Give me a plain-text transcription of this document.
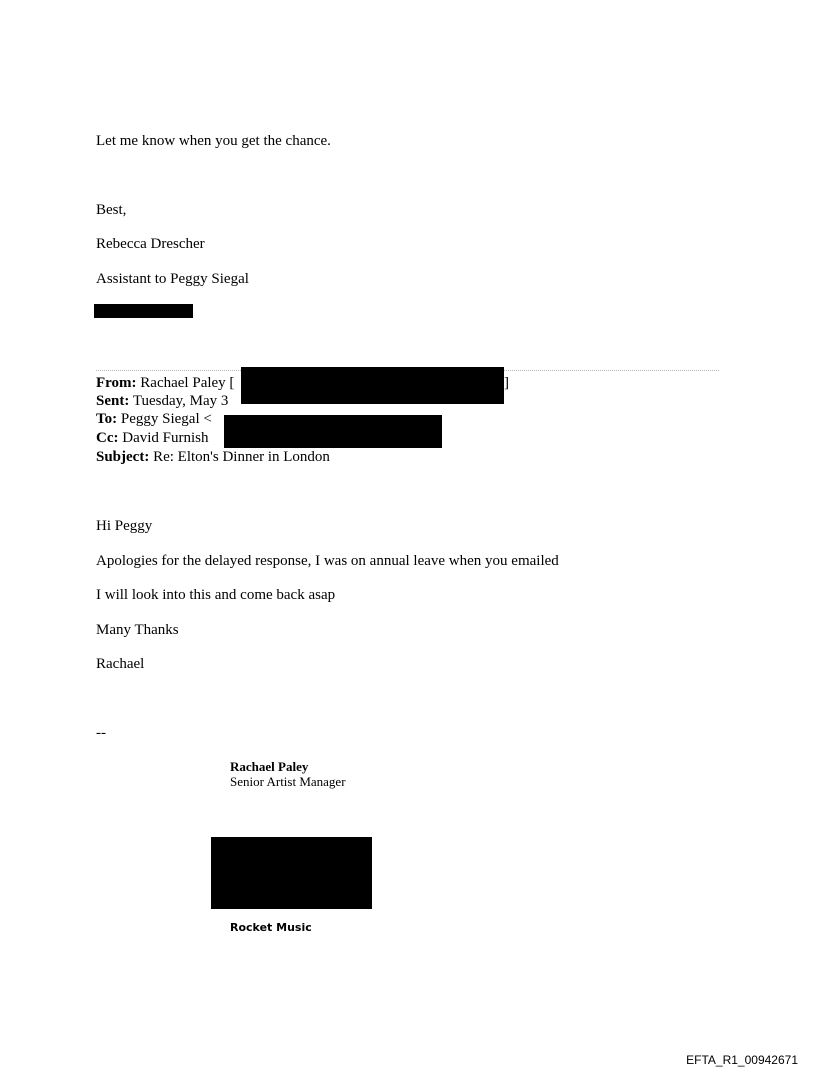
Let me know when you get the chance.
Best,
Rebecca Drescher
Assistant to Peggy Siegal
From: Rachael Paley [	]
Sent: Tuesday, May 3
To: Peggy Siegal <
Cc: David Furnish
Subject: Re: Elton's Dinner in London
Hi Peggy
Apologies for the delayed response, I was on annual leave when you emailed
I will look into this and come back asap
Many Thanks
Rachael
--
Rachael Paley
Senior Artist Manager
Rocket Music
EFTA_R1_00942671
